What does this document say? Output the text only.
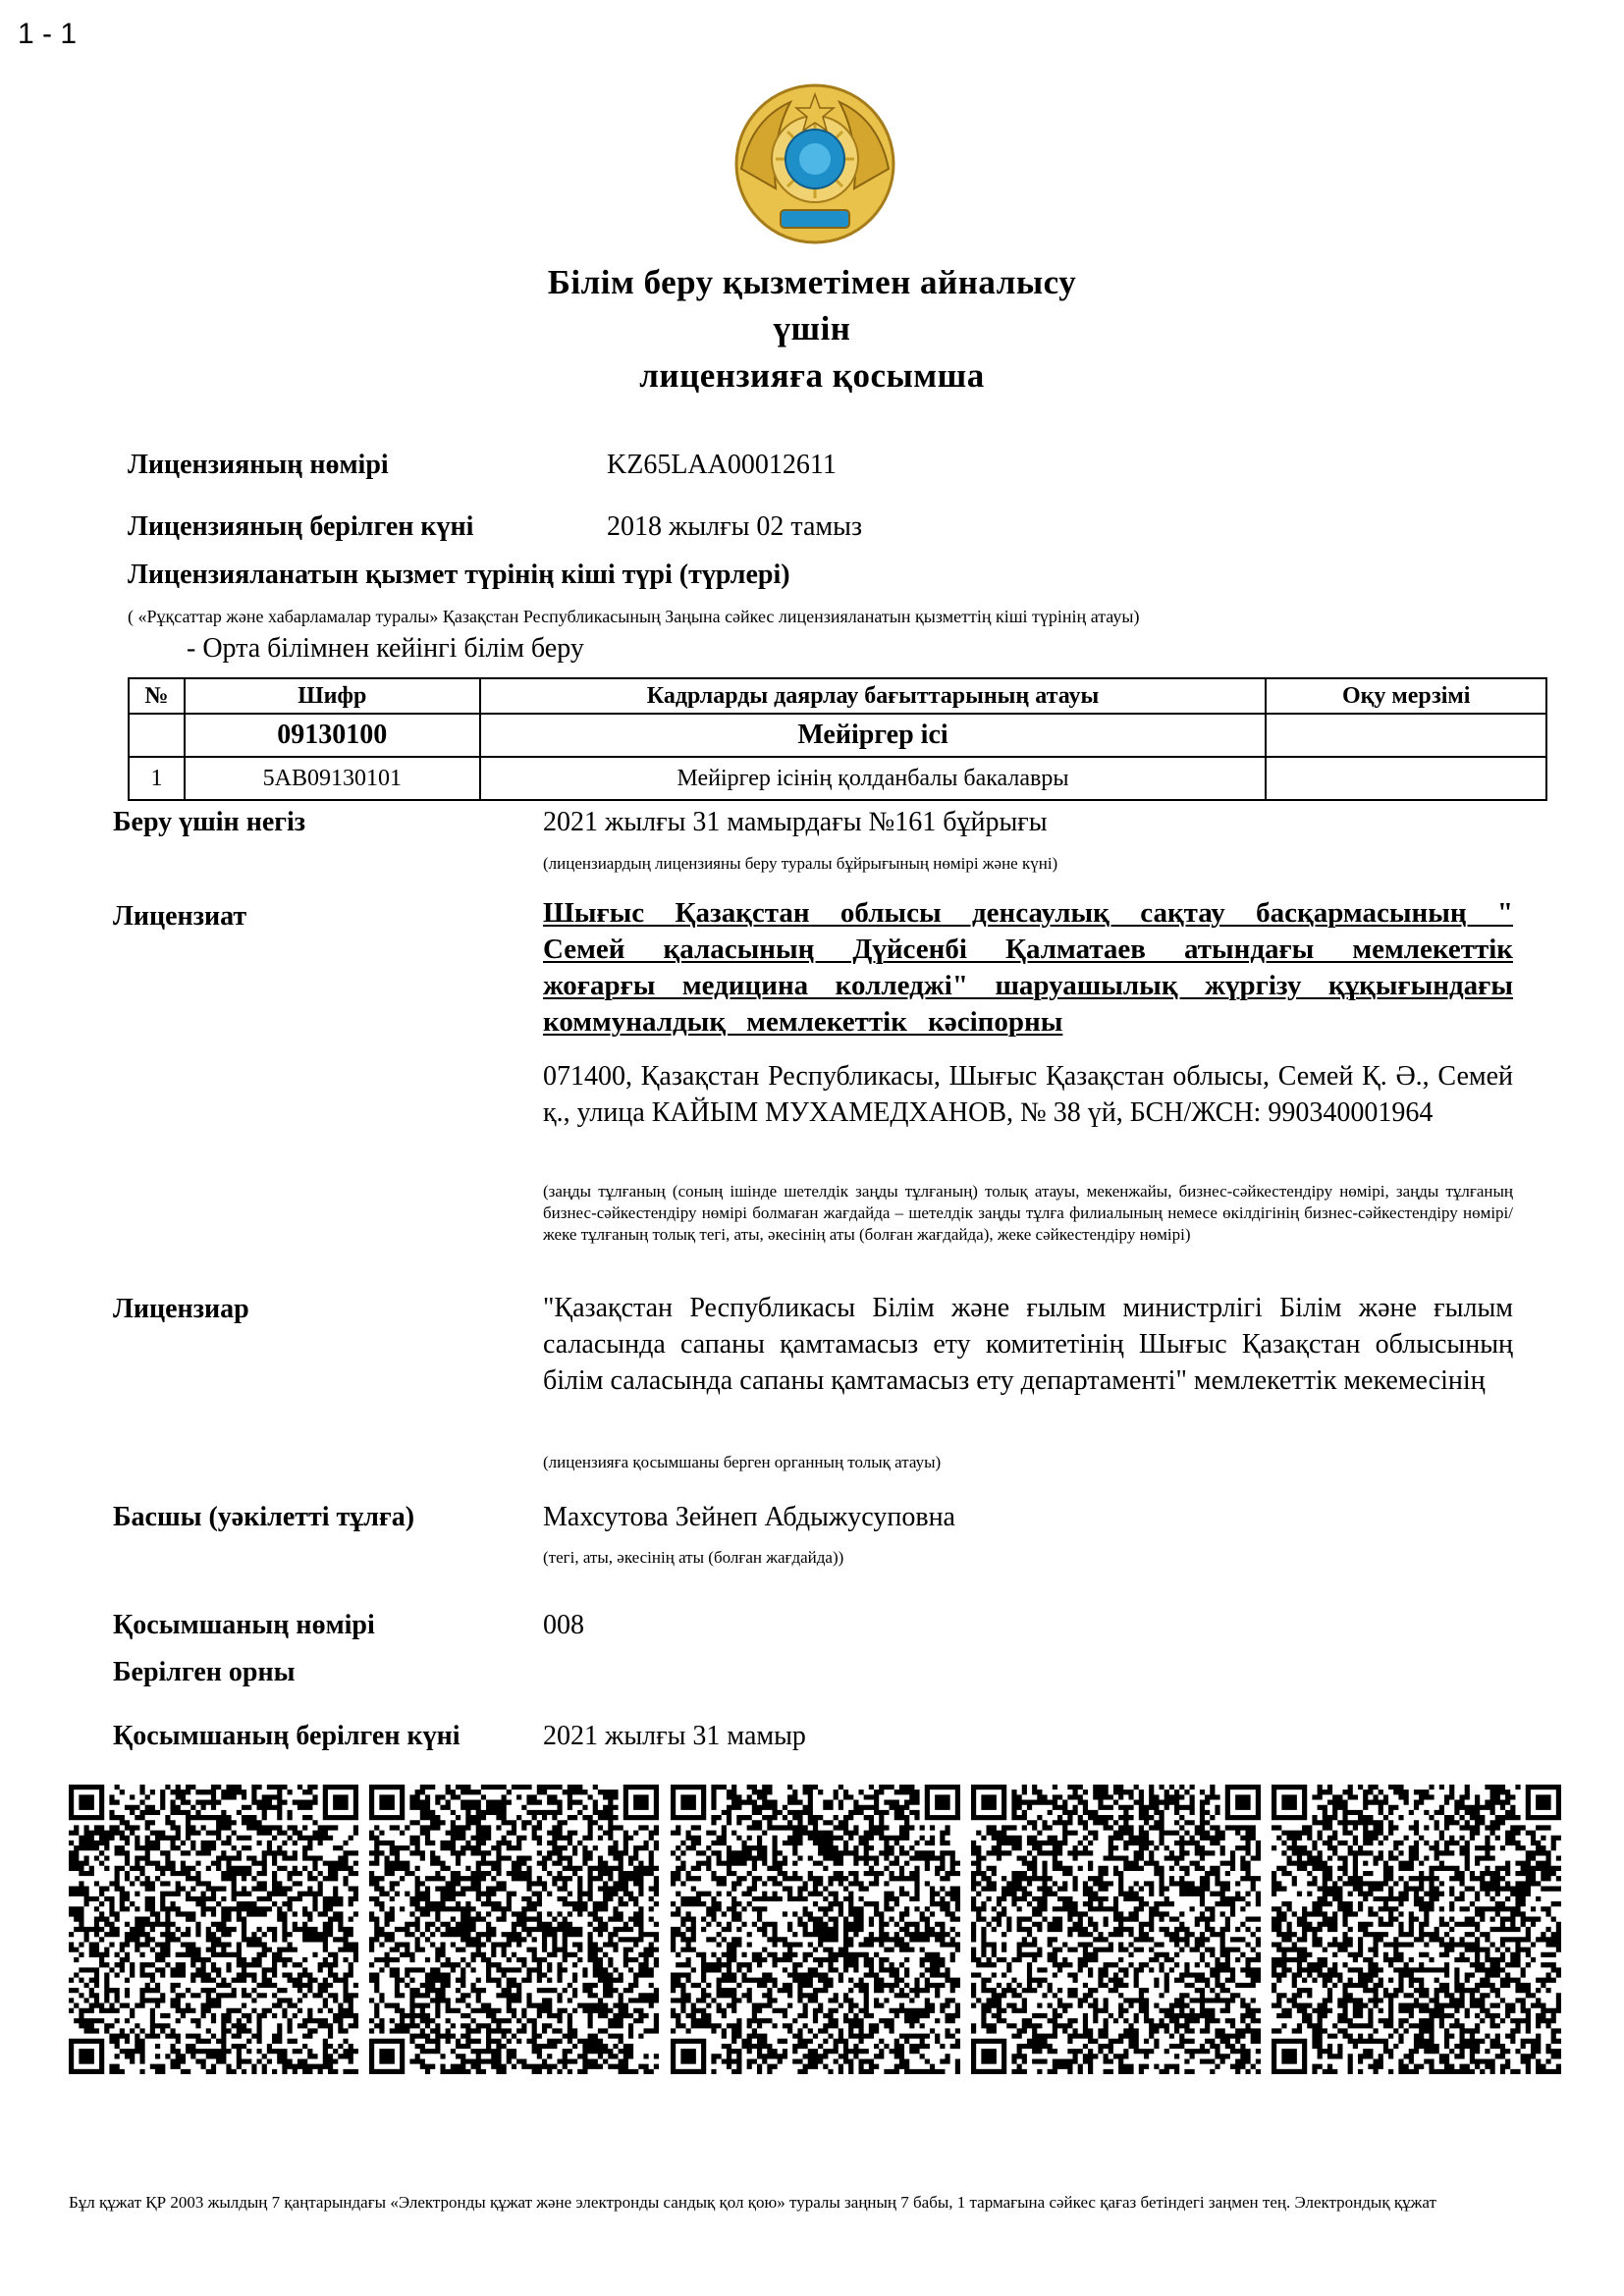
1 - 1
Білім беру қызметімен айналысу
үшін
лицензияға қосымша
Лицензияның нөмірі	KZ65LAA00012611
Лицензияның берілген күні	2018 жылғы 02 тамыз
Лицензияланатын қызмет түрінің кіші түрі (түрлері)
( «Рұқсаттар және хабарламалар туралы» Қазақстан Республикасының Заңына сәйкес лицензияланатын қызметтің кіші түрінің атауы)
- Орта білімнен кейінгі білім беру
№	Шифр	Кадрларды даярлау бағыттарының атауы	Оқу мерзімі
	09130100	Мейіргер ісі	
1	5AB09130101	Мейіргер ісінің қолданбалы бакалавры	
Беру үшін негіз	2021 жылғы 31 мамырдағы №161 бұйрығы
(лицензиардың лицензияны беру туралы бұйрығының нөмірі және күні)
Лицензиат	Шығыс Қазақстан облысы денсаулық сақтау басқармасының " Семей қаласының Дүйсенбі Қалматаев атындағы мемлекеттік жоғарғы медицина колледжі" шаруашылық жүргізу құқығындағы коммуналдық мемлекеттік кәсіпорны
071400, Қазақстан Республикасы, Шығыс Қазақстан облысы, Семей Қ. Ә., Семей қ., улица КАЙЫМ МУХАМЕДХАНОВ, № 38 үй, БСН/ЖСН: 990340001964
(заңды тұлғаның (соның ішінде шетелдік заңды тұлғаның) толық атауы, мекенжайы, бизнес-сәйкестендіру нөмірі, заңды тұлғаның бизнес-сәйкестендіру нөмірі болмаған жағдайда – шетелдік заңды тұлға филиалының немесе өкілдігінің бизнес-сәйкестендіру нөмірі/жеке тұлғаның толық тегі, аты, әкесінің аты (болған жағдайда), жеке сәйкестендіру нөмірі)
Лицензиар	"Қазақстан Республикасы Білім және ғылым министрлігі Білім және ғылым саласында сапаны қамтамасыз ету комитетінің Шығыс Қазақстан облысының білім саласында сапаны қамтамасыз ету департаменті" мемлекеттік мекемесінің
(лицензияға қосымшаны берген органның толық атауы)
Басшы (уәкілетті тұлға)	Махсутова Зейнеп Абдыжусуповна
(тегі, аты, әкесінің аты (болған жағдайда))
Қосымшаның нөмірі	008
Берілген орны
Қосымшаның берілген күні	2021 жылғы 31 мамыр
Бұл құжат ҚР 2003 жылдың 7 қаңтарындағы «Электронды құжат және электронды сандық қол қою» туралы заңның 7 бабы, 1 тармағына сәйкес қағаз бетіндегі заңмен тең. Электрондық құжат
